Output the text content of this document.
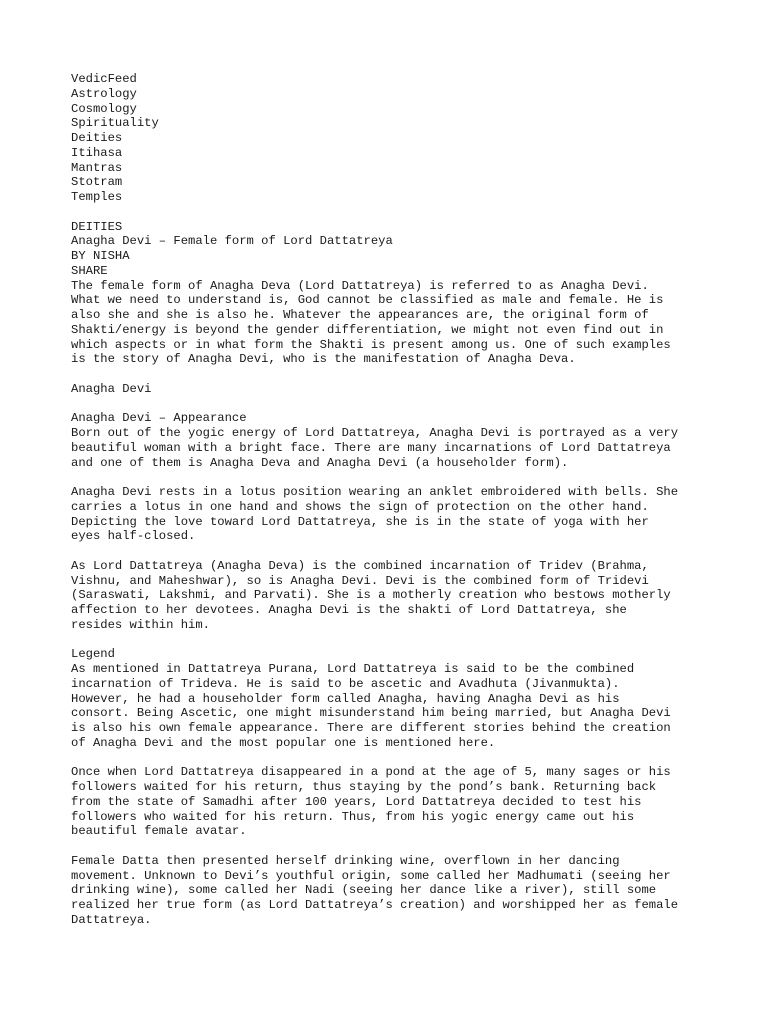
VedicFeed
Astrology
Cosmology
Spirituality
Deities
Itihasa
Mantras
Stotram
Temples
DEITIES
Anagha Devi – Female form of Lord Dattatreya
BY NISHA
SHARE

The female form of Anagha Deva (Lord Dattatreya) is referred to as Anagha Devi.
What we need to understand is, God cannot be classified as male and female. He is
also she and she is also he. Whatever the appearances are, the original form of
Shakti/energy is beyond the gender differentiation, we might not even find out in
which aspects or in what form the Shakti is present among us. One of such examples
is the story of Anagha Devi, who is the manifestation of Anagha Deva.

Anagha Devi
Anagha Devi – Appearance

Born out of the yogic energy of Lord Dattatreya, Anagha Devi is portrayed as a very
beautiful woman with a bright face. There are many incarnations of Lord Dattatreya
and one of them is Anagha Deva and Anagha Devi (a householder form).

Anagha Devi rests in a lotus position wearing an anklet embroidered with bells. She
carries a lotus in one hand and shows the sign of protection on the other hand.
Depicting the love toward Lord Dattatreya, she is in the state of yoga with her
eyes half-closed.

As Lord Dattatreya (Anagha Deva) is the combined incarnation of Tridev (Brahma,
Vishnu, and Maheshwar), so is Anagha Devi. Devi is the combined form of Tridevi
(Saraswati, Lakshmi, and Parvati). She is a motherly creation who bestows motherly
affection to her devotees. Anagha Devi is the shakti of Lord Dattatreya, she
resides within him.

Legend

As mentioned in Dattatreya Purana, Lord Dattatreya is said to be the combined
incarnation of Trideva. He is said to be ascetic and Avadhuta (Jivanmukta).
However, he had a householder form called Anagha, having Anagha Devi as his
consort. Being Ascetic, one might misunderstand him being married, but Anagha Devi
is also his own female appearance. There are different stories behind the creation
of Anagha Devi and the most popular one is mentioned here.

Once when Lord Dattatreya disappeared in a pond at the age of 5, many sages or his
followers waited for his return, thus staying by the pond’s bank. Returning back
from the state of Samadhi after 100 years, Lord Dattatreya decided to test his
followers who waited for his return. Thus, from his yogic energy came out his
beautiful female avatar.

Female Datta then presented herself drinking wine, overflown in her dancing
movement. Unknown to Devi’s youthful origin, some called her Madhumati (seeing her
drinking wine), some called her Nadi (seeing her dance like a river), still some
realized her true form (as Lord Dattatreya’s creation) and worshipped her as female
Dattatreya.
